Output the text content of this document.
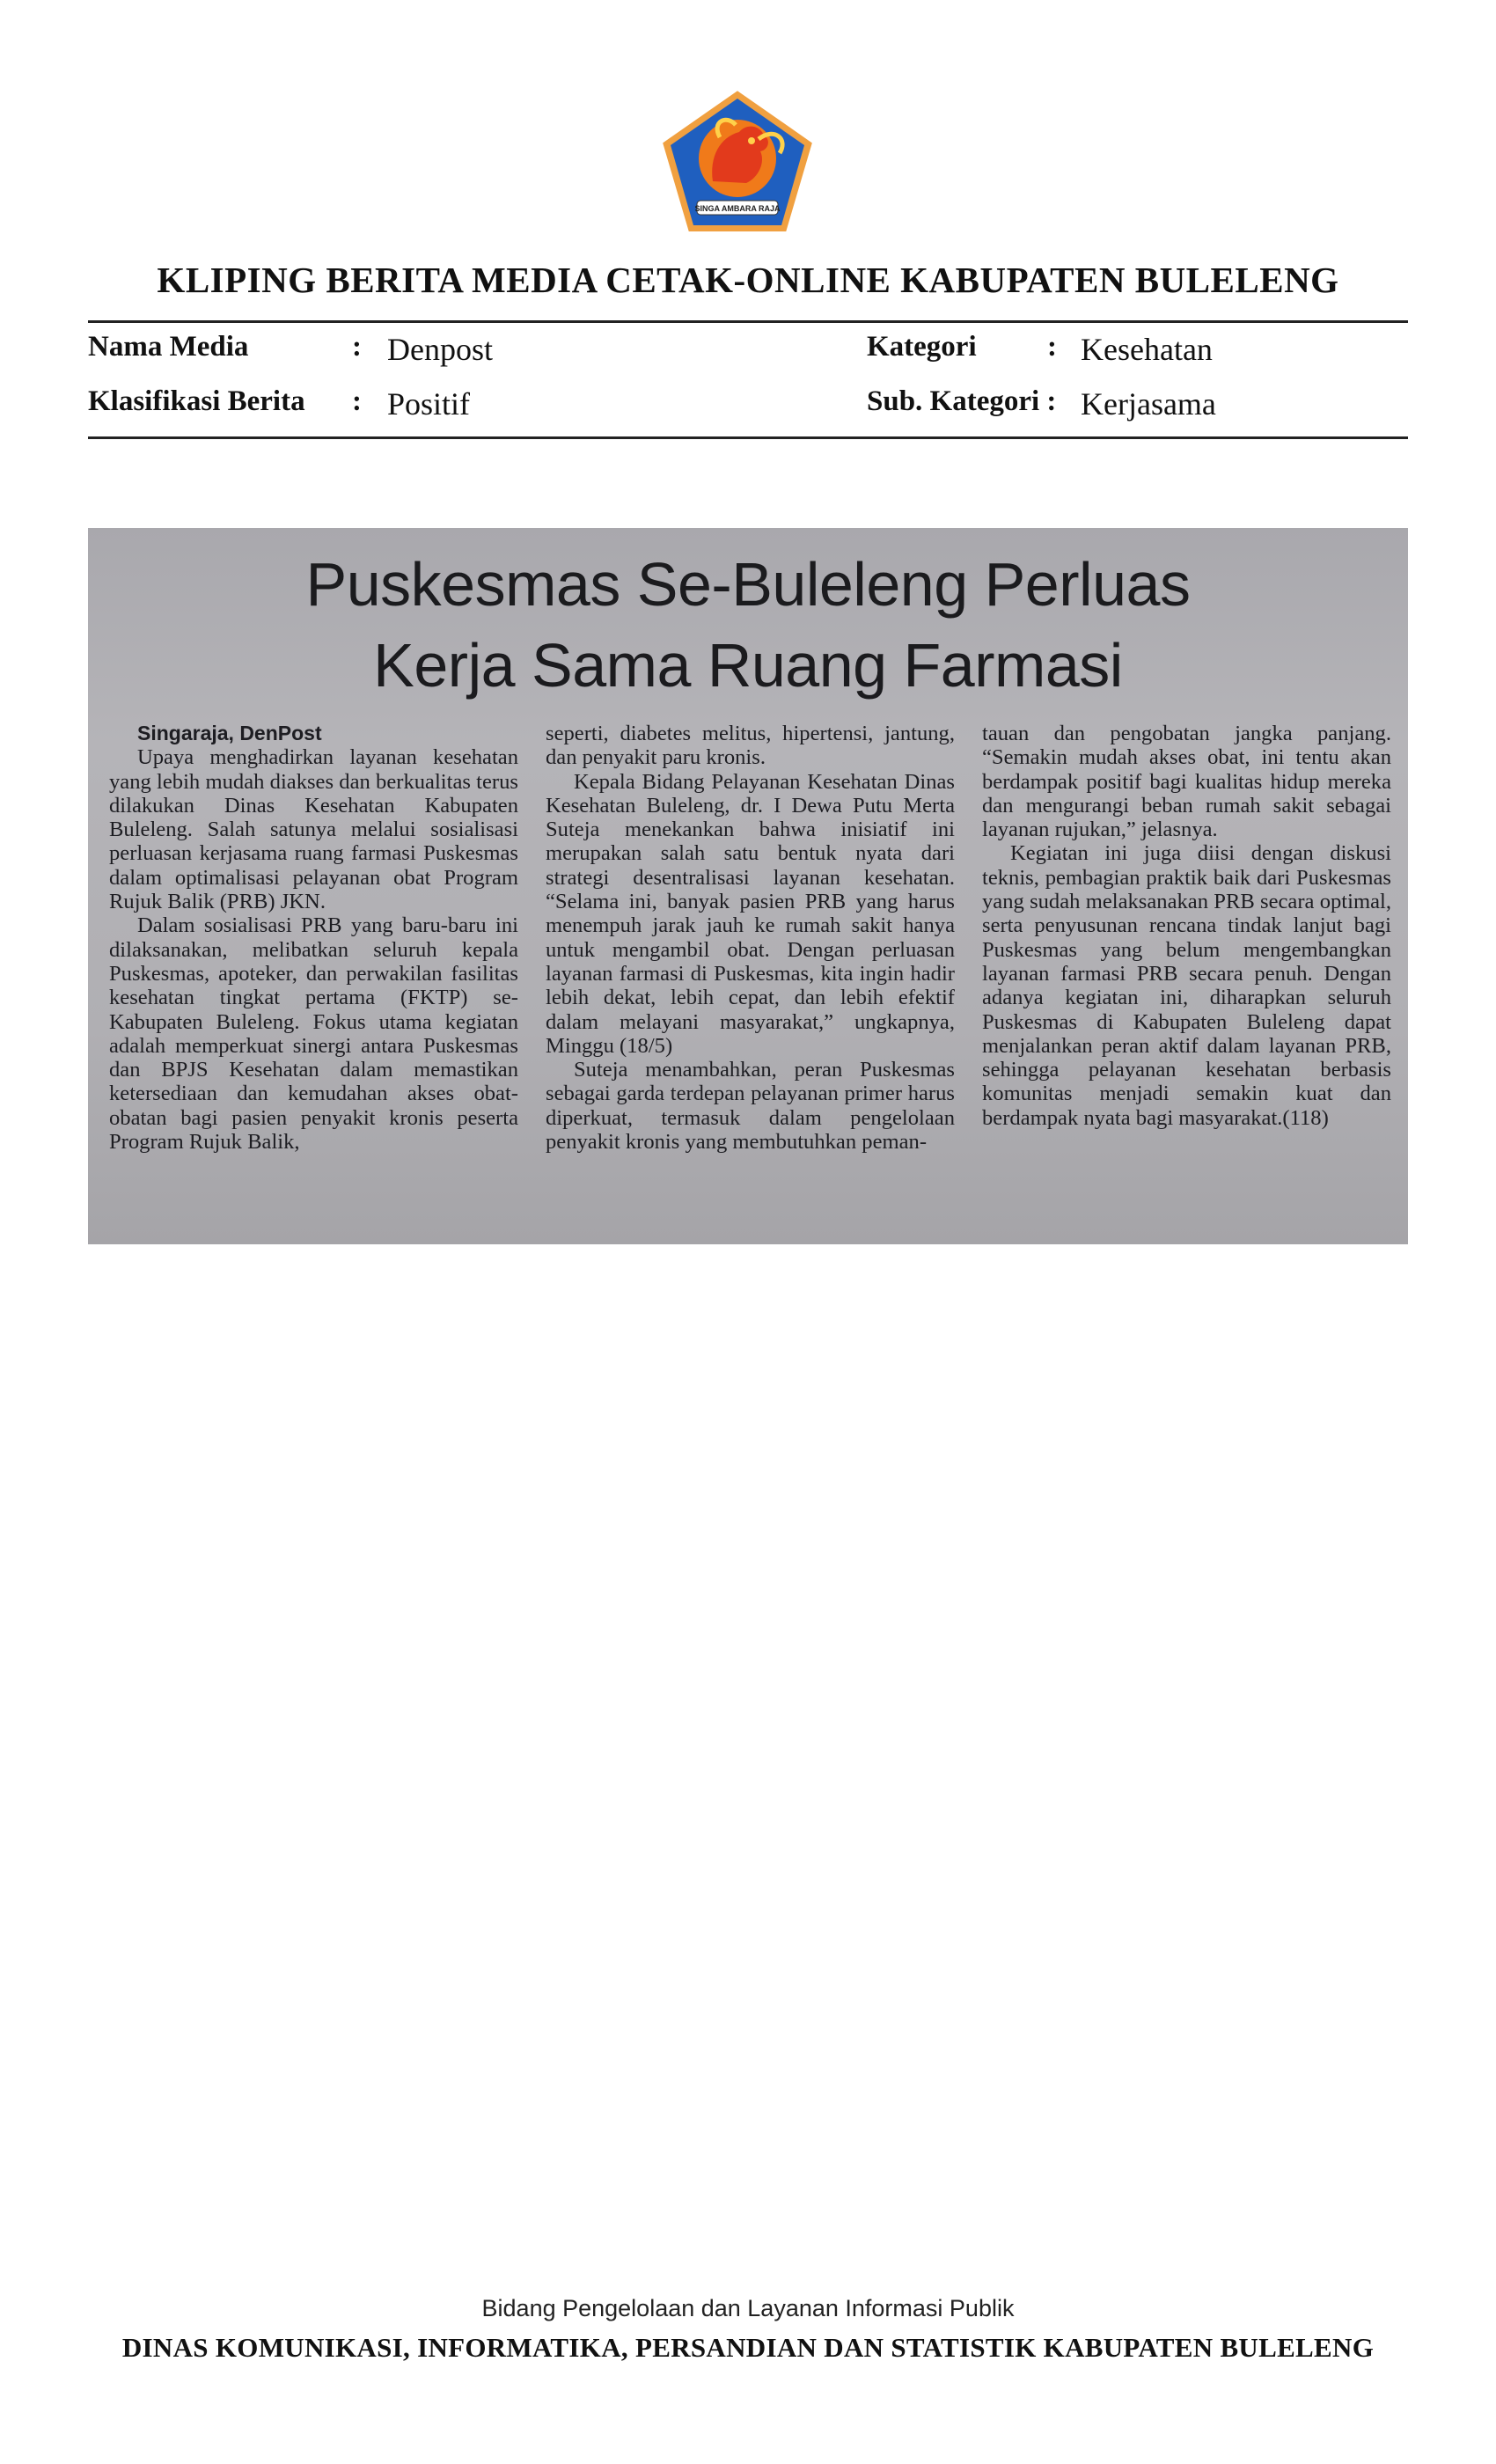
SINGA AMBARA RAJA
KLIPING BERITA MEDIA CETAK-ONLINE KABUPATEN BULELENG
Nama Media	: Denpost	Kategori : Kesehatan
Klasifikasi Berita : Positif	Sub. Kategori : Kerjasama
Puskesmas Se-Buleleng Perluas
Kerja Sama Ruang Farmasi

Singaraja, DenPost

Upaya menghadirkan layanan kesehatan yang lebih mudah diakses dan berkualitas terus dilakukan Dinas Kesehatan Kabupaten Buleleng. Salah satunya melalui sosialisasi perluasan kerjasama ruang farmasi Puskesmas dalam optimalisasi pelayanan obat Program Rujuk Balik (PRB) JKN.

Dalam sosialisasi PRB yang baru-baru ini dilaksanakan, melibatkan seluruh kepala Puskesmas, apoteker, dan perwakilan fasilitas kesehatan tingkat pertama (FKTP) se-Kabupaten Buleleng. Fokus utama kegiatan adalah memperkuat sinergi antara Puskesmas dan BPJS Kesehatan dalam memastikan ketersediaan dan kemudahan akses obat-obatan bagi pasien penyakit kronis peserta Program Rujuk Balik,

seperti, diabetes melitus, hipertensi, jantung, dan penyakit paru kronis.

Kepala Bidang Pelayanan Kesehatan Dinas Kesehatan Buleleng, dr. I Dewa Putu Merta Suteja menekankan bahwa inisiatif ini merupakan salah satu bentuk nyata dari strategi desentralisasi layanan kesehatan. “Selama ini, banyak pasien PRB yang harus menempuh jarak jauh ke rumah sakit hanya untuk mengambil obat. Dengan perluasan layanan farmasi di Puskesmas, kita ingin hadir lebih dekat, lebih cepat, dan lebih efektif dalam melayani masyarakat,” ungkapnya, Minggu (18/5)

Suteja menambahkan, peran Puskesmas sebagai garda terdepan pelayanan primer harus diperkuat, termasuk dalam pengelolaan penyakit kronis yang membutuhkan peman-

tauan dan pengobatan jangka panjang. “Semakin mudah akses obat, ini tentu akan berdampak positif bagi kualitas hidup mereka dan mengurangi beban rumah sakit sebagai layanan rujukan,” jelasnya.

Kegiatan ini juga diisi dengan diskusi teknis, pembagian praktik baik dari Puskesmas yang sudah melaksanakan PRB secara optimal, serta penyusunan rencana tindak lanjut bagi Puskesmas yang belum mengembangkan layanan farmasi PRB secara penuh. Dengan adanya kegiatan ini, diharapkan seluruh Puskesmas di Kabupaten Buleleng dapat menjalankan peran aktif dalam layanan PRB, sehingga pelayanan kesehatan berbasis komunitas menjadi semakin kuat dan berdampak nyata bagi masyarakat.(118)

Bidang Pengelolaan dan Layanan Informasi Publik
DINAS KOMUNIKASI, INFORMATIKA, PERSANDIAN DAN STATISTIK KABUPATEN BULELENG
